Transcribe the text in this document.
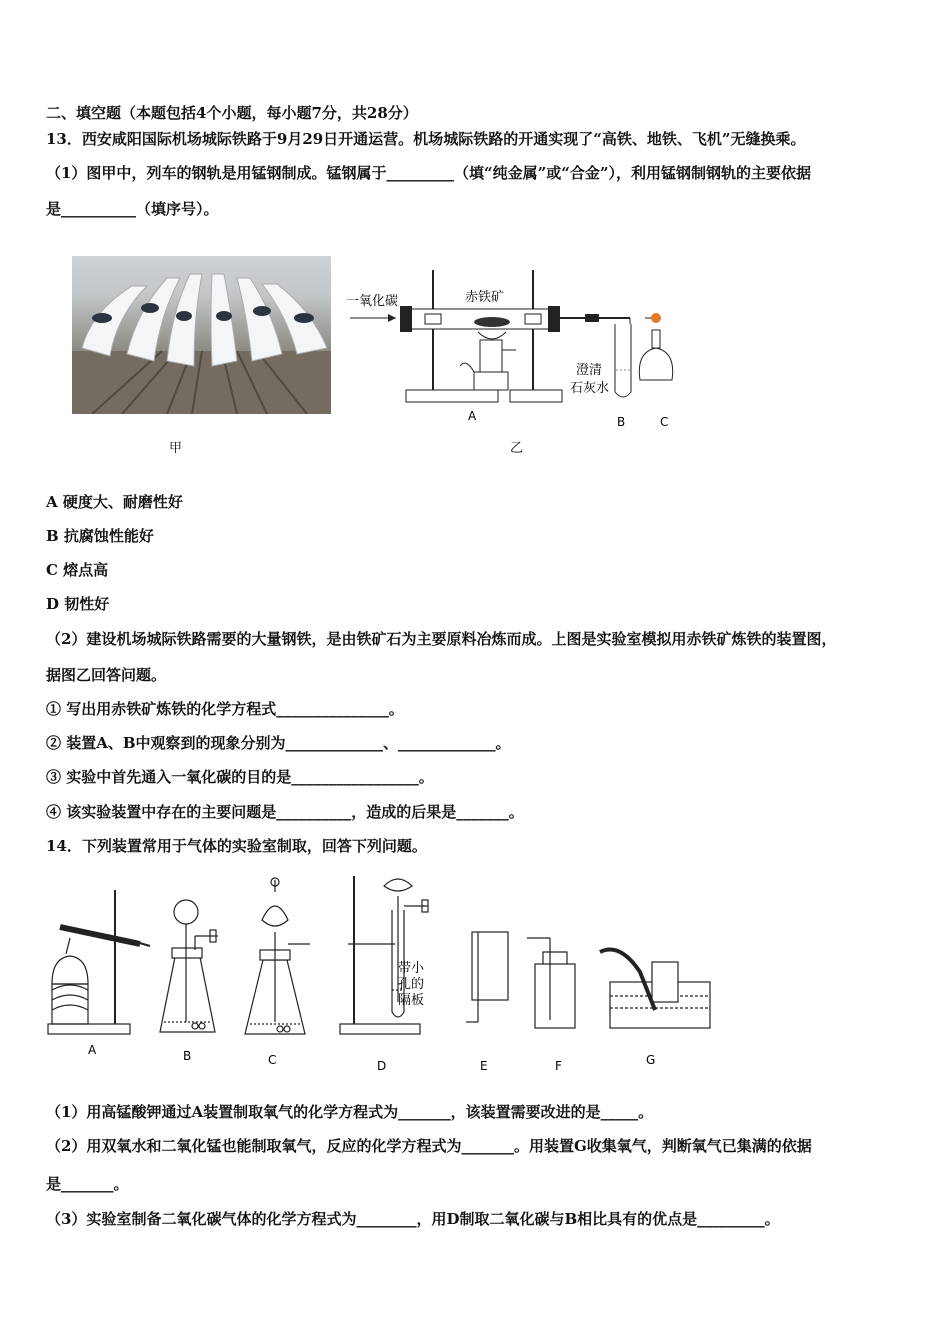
二、填空题（本题包括4个小题，每小题7分，共28分）
13．西安咸阳国际机场城际铁路于9月29日开通运营。机场城际铁路的开通实现了“高铁、地铁、飞机”无缝换乘。
（1）图甲中，列车的钢轨是用锰钢制成。锰钢属于_________（填“纯金属”或“合金”），利用锰钢制钢轨的主要依据
是__________（填序号）。
甲
一氧化碳	赤铁矿
澄清
石灰水
A	B	C
乙
A 硬度大、耐磨性好
B 抗腐蚀性能好
C 熔点高
D 韧性好
（2）建设机场城际铁路需要的大量钢铁，是由铁矿石为主要原料冶炼而成。上图是实验室模拟用赤铁矿炼铁的装置图，
据图乙回答问题。
① 写出用赤铁矿炼铁的化学方程式_______________。
② 装置A、B中观察到的现象分别为_____________、_____________。
③ 实验中首先通入一氧化碳的目的是_________________。
④ 该实验装置中存在的主要问题是__________，造成的后果是_______。
14．下列装置常用于气体的实验室制取，回答下列问题。
带小
孔的
隔板
A	B	C	D	E	F	G
（1）用高锰酸钾通过A装置制取氧气的化学方程式为_______，该装置需要改进的是_____。
（2）用双氧水和二氧化锰也能制取氧气，反应的化学方程式为_______。用装置G收集氧气，判断氧气已集满的依据
是_______。
（3）实验室制备二氧化碳气体的化学方程式为________，用D制取二氧化碳与B相比具有的优点是_________。
